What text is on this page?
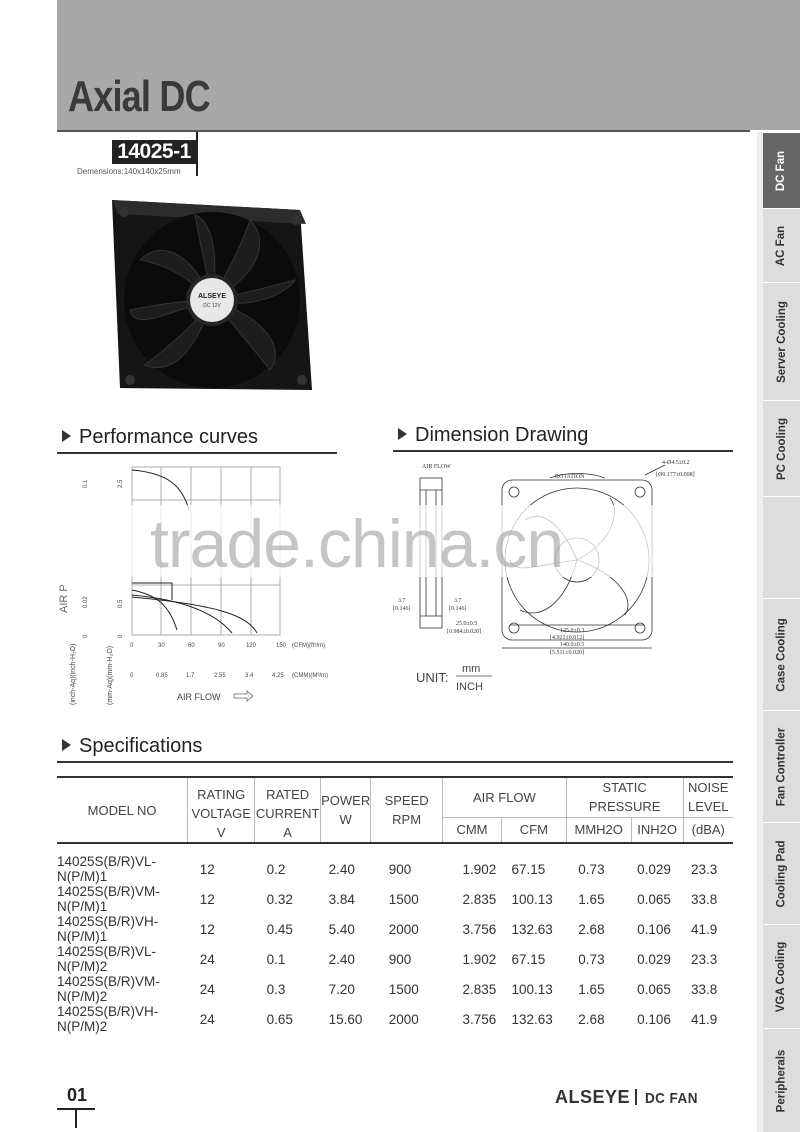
Axial DC
14025-1
Demensions:140x140x25mm
ALSEYE
DC 12V
Performance curves
(inch-Aq)(inch-H₂O)	(mm-Aq)(mm-H₂O)
AIR P
0.1
0.02
0
2.5
0.5
0
0	30	60	90	120	150 (CFM)(ft³/m)
0	0.85	1.7	2.55	3.4	4.25 (CMM)(M³/m)
AIR FLOW
Dimension Drawing
AIR FLOW
ROTATION
4-Ø4.5±0.2
[Ø0.177±0.008]
3.7
[0.146]
3.7
[0.146]
25.0±0.5
[0.984±0.020]	125.0±0.3
[4.921±0.012]
140.0±0.5
[5.511±0.020]
UNIT:
mm
INCH
trade.china.cn
Specifications
MODEL NO	RATING
VOLTAGE
V	RATED
CURRENT
A	POWER
W	SPEED
RPM	AIR FLOW		STATIC PRESSURE		NOISE
LEVEL
					CMM	CFM	MMH2O	INH2O	(dBA)
14025S(B/R)VL-N(P/M)1	12	0.2	2.40	900	1.902	67.15	0.73	0.029	23.3
14025S(B/R)VM-N(P/M)1	12	0.32	3.84	1500	2.835	100.13	1.65	0.065	33.8
14025S(B/R)VH-N(P/M)1	12	0.45	5.40	2000	3.756	132.63	2.68	0.106	41.9
14025S(B/R)VL-N(P/M)2	24	0.1	2.40	900	1.902	67.15	0.73	0.029	23.3
14025S(B/R)VM-N(P/M)2	24	0.3	7.20	1500	2.835	100.13	1.65	0.065	33.8
14025S(B/R)VH-N(P/M)2	24	0.65	15.60	2000	3.756	132.63	2.68	0.106	41.9
01	ALSEYE DC FAN
DC Fan
AC Fan
Server Cooling
PC Cooling
Case Cooling
Fan Controller
Cooling Pad
VGA Cooling
Peripherals
